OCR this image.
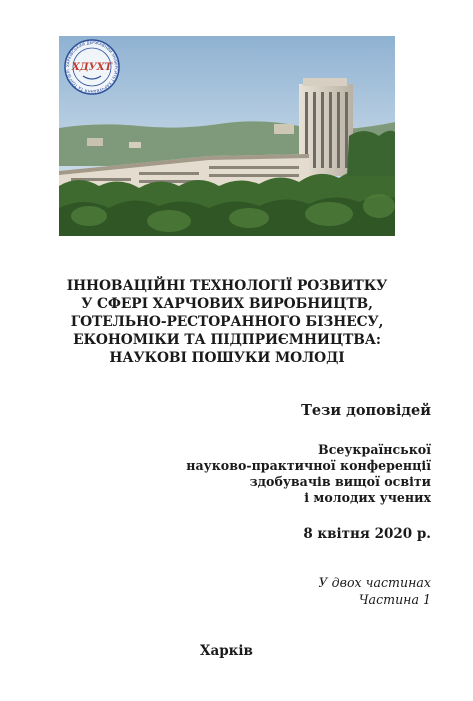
ХАРКІВСЬКИЙ ДЕРЖАВНИЙ УНІВЕРСИТЕТ ХАРЧУВАННЯ ТА ТОРГІВЛІ ХДУХТ
ІННОВАЦІЙНІ ТЕХНОЛОГІЇ РОЗВИТКУ
У СФЕРІ ХАРЧОВИХ ВИРОБНИЦТВ,
ГОТЕЛЬНО-РЕСТОРАННОГО БІЗНЕСУ,
ЕКОНОМІКИ ТА ПІДПРИЄМНИЦТВА:
НАУКОВІ ПОШУКИ МОЛОДІ
Тези доповідей
Всеукраїнської
науково-практичної конференції
здобувачів вищої освіти
і молодих учених
8 квітня 2020 р.
У двох частинах
Частина 1
Харків
